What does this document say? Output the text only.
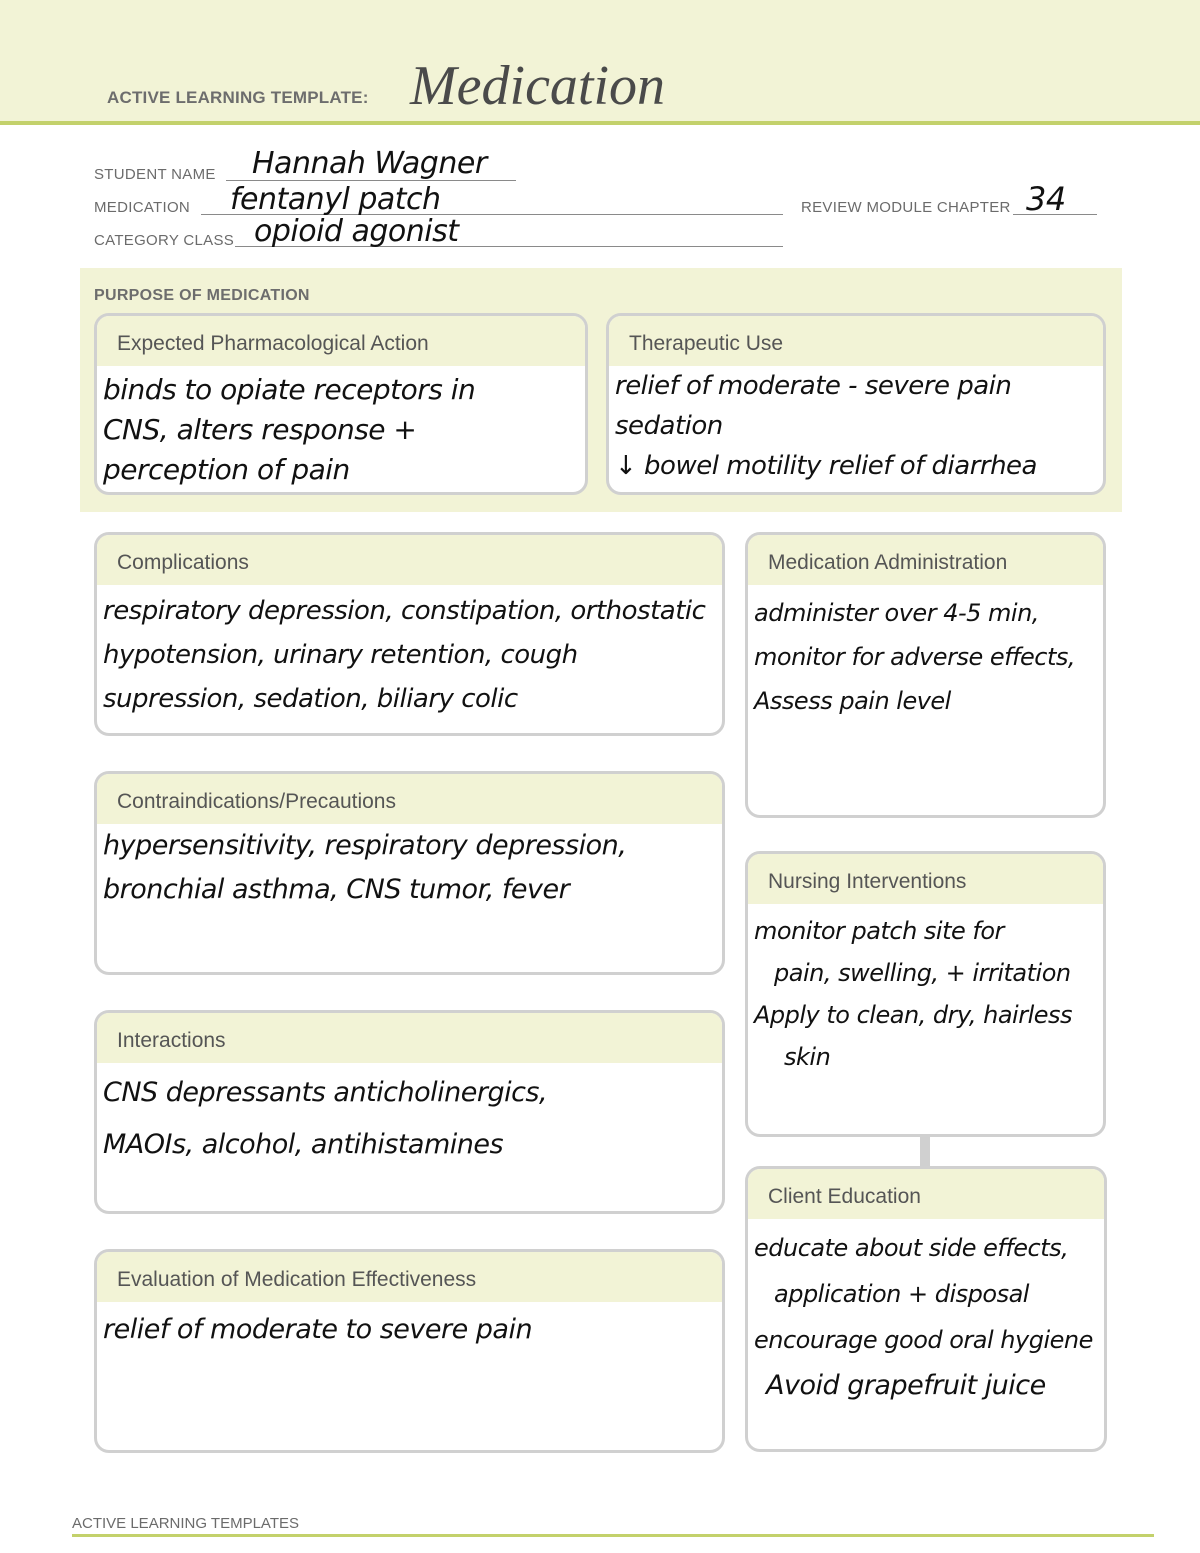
ACTIVE LEARNING TEMPLATE: Medication
STUDENT NAME Hannah Wagner
MEDICATION fentanyl patch	REVIEW MODULE CHAPTER 34
CATEGORY CLASS opioid agonist
PURPOSE OF MEDICATION
Expected Pharmacological Action
binds to opiate receptors in
CNS, alters response +
perception of pain
Therapeutic Use
relief of moderate - severe pain
sedation
↓ bowel motility relief of diarrhea
Complications
respiratory depression, constipation, orthostatic
hypotension, urinary retention, cough
supression, sedation, biliary colic
Medication Administration
administer over 4-5 min,
monitor for adverse effects,
Assess pain level
Contraindications/Precautions
hypersensitivity, respiratory depression,
bronchial asthma, CNS tumor, fever	Nursing Interventions
monitor patch site for
pain, swelling, + irritation
Apply to clean, dry, hairless
skin
Interactions
CNS depressants anticholinergics,
MAOIs, alcohol, antihistamines
Client Education
educate about side effects,
application + disposal
encourage good oral hygiene
Avoid grapefruit juice
Evaluation of Medication Effectiveness
relief of moderate to severe pain
ACTIVE LEARNING TEMPLATES
